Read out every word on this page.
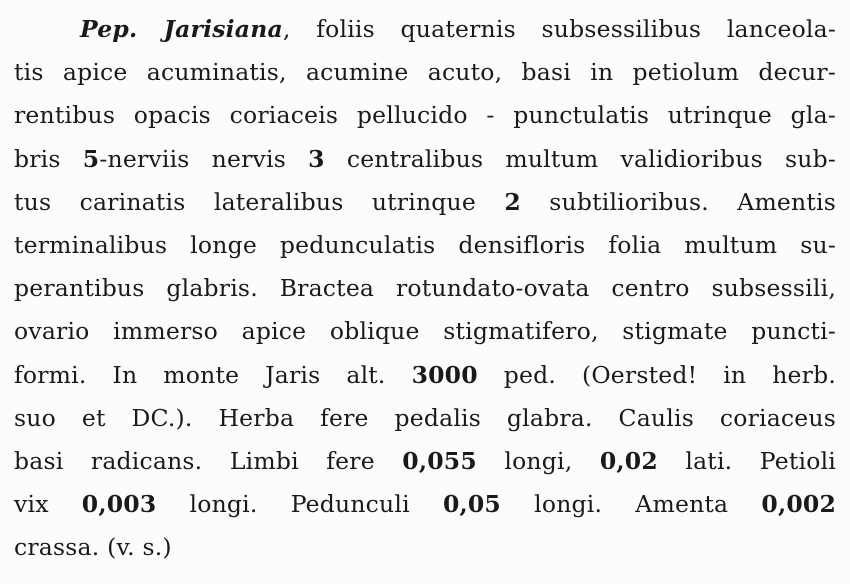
Pep. Jarisiana, foliis quaternis subsessilibus lanceola-
tis apice acuminatis, acumine acuto, basi in petiolum decur-
rentibus opacis coriaceis pellucido - punctulatis utrinque gla-
bris 5-nerviis nervis 3 centralibus multum validioribus sub-
tus carinatis lateralibus utrinque 2 subtilioribus. Amentis
terminalibus longe pedunculatis densifloris folia multum su-
perantibus glabris. Bractea rotundato-ovata centro subsessili,
ovario immerso apice oblique stigmatifero, stigmate puncti-
formi. In monte Jaris alt. 3000 ped. (Oersted! in herb.
suo et DC.). Herba fere pedalis glabra. Caulis coriaceus
basi radicans. Limbi fere 0,055 longi, 0,02 lati. Petioli
vix 0,003 longi. Pedunculi 0,05 longi. Amenta 0,002
crassa. (v. s.)
